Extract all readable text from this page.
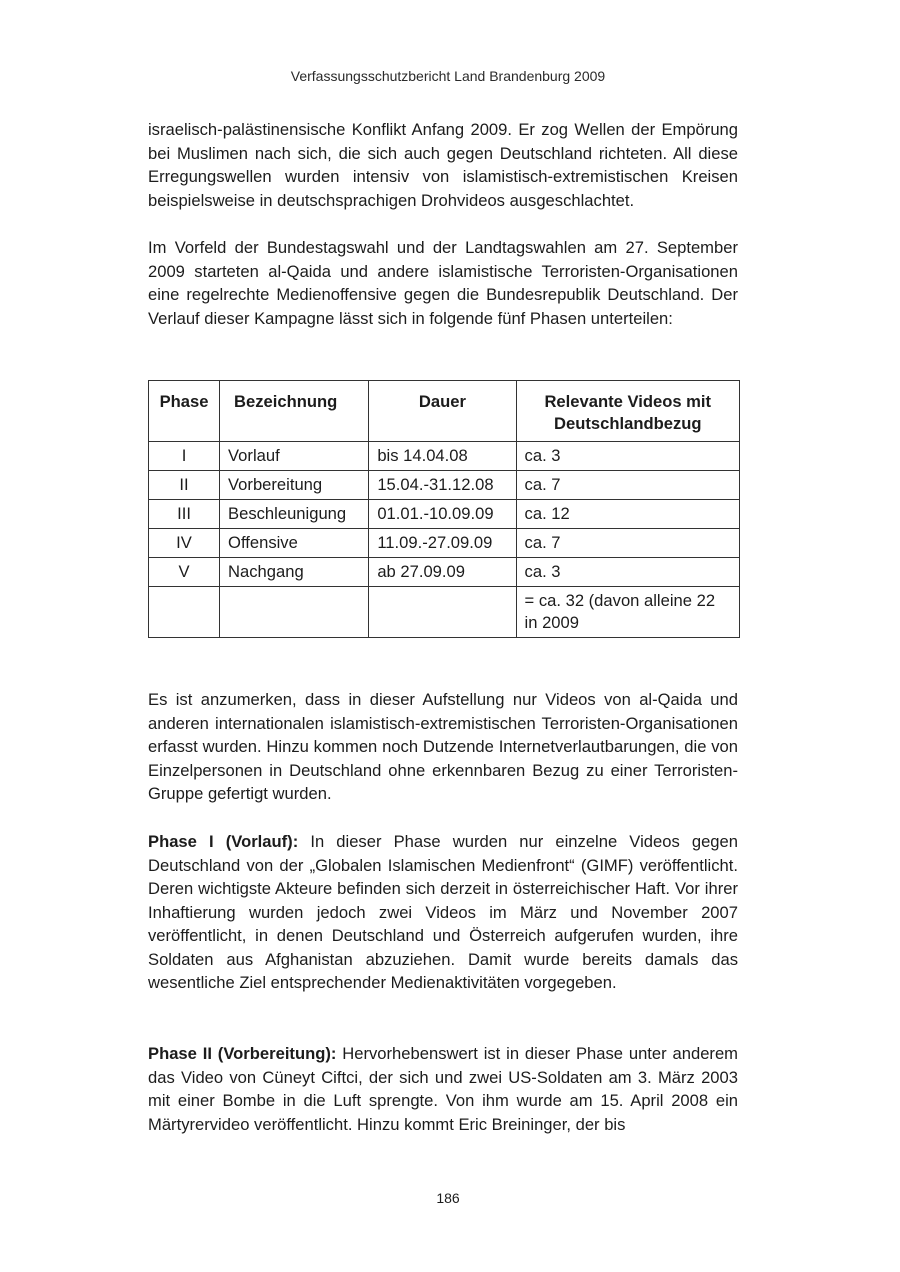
Verfassungsschutzbericht Land Brandenburg 2009

israelisch-palästinensische Konflikt Anfang 2009. Er zog Wellen der Empörung bei Muslimen nach sich, die sich auch gegen Deutschland richteten. All diese Erregungswellen wurden intensiv von islamistisch-extremistischen Kreisen beispielsweise in deutschsprachigen Drohvideos ausgeschlachtet.

Im Vorfeld der Bundestagswahl und der Landtagswahlen am 27. September 2009 starteten al-Qaida und andere islamistische Terroristen-Organisationen eine regelrechte Medienoffensive gegen die Bundesrepublik Deutschland. Der Verlauf dieser Kampagne lässt sich in folgende fünf Phasen unterteilen:

Phase	Bezeichnung	Dauer	Relevante Videos mit Deutschlandbezug
I	Vorlauf	bis 14.04.08	ca. 3
II	Vorbereitung	15.04.-31.12.08	ca. 7
III	Beschleunigung	01.01.-10.09.09	ca. 12
IV	Offensive	11.09.-27.09.09	ca. 7
V	Nachgang	ab 27.09.09	ca. 3
			= ca. 32 (davon alleine 22 in 2009

Es ist anzumerken, dass in dieser Aufstellung nur Videos von al-Qaida und anderen internationalen islamistisch-extremistischen Terroristen-Organisationen erfasst wurden. Hinzu kommen noch Dutzende Internetverlautbarungen, die von Einzelpersonen in Deutschland ohne erkennbaren Bezug zu einer Terroristen-Gruppe gefertigt wurden.

Phase I (Vorlauf): In dieser Phase wurden nur einzelne Videos gegen Deutschland von der „Globalen Islamischen Medienfront“ (GIMF) veröffentlicht. Deren wichtigste Akteure befinden sich derzeit in österreichischer Haft. Vor ihrer Inhaftierung wurden jedoch zwei Videos im März und November 2007 veröffentlicht, in denen Deutschland und Österreich aufgerufen wurden, ihre Soldaten aus Afghanistan abzuziehen. Damit wurde bereits damals das wesentliche Ziel entsprechender Medienaktivitäten vorgegeben.

Phase II (Vorbereitung): Hervorhebenswert ist in dieser Phase unter anderem das Video von Cüneyt Ciftci, der sich und zwei US-Soldaten am 3. März 2003 mit einer Bombe in die Luft sprengte. Von ihm wurde am 15. April 2008 ein Märtyrervideo veröffentlicht. Hinzu kommt Eric Breininger, der bis

186
